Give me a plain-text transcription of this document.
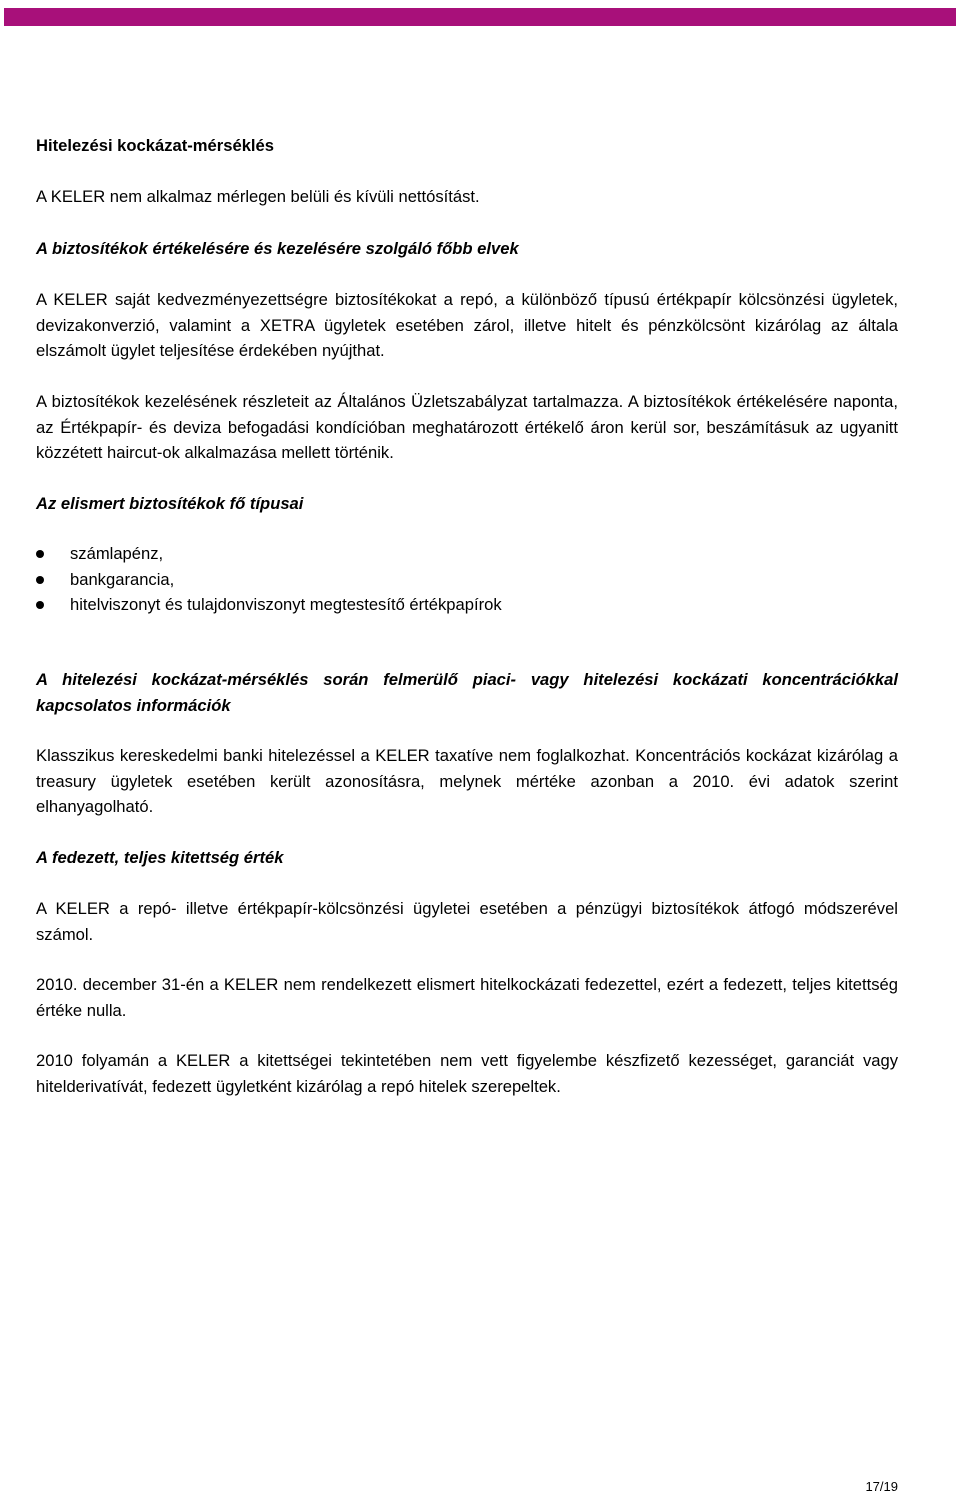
Hitelezési kockázat-mérséklés

A KELER nem alkalmaz mérlegen belüli és kívüli nettósítást.

A biztosítékok értékelésére és kezelésére szolgáló főbb elvek

A KELER saját kedvezményezettségre biztosítékokat a repó, a különböző típusú értékpapír kölcsönzési ügyletek, devizakonverzió, valamint a XETRA ügyletek esetében zárol, illetve hitelt és pénzkölcsönt kizárólag az általa elszámolt ügylet teljesítése érdekében nyújthat.

A biztosítékok kezelésének részleteit az Általános Üzletszabályzat tartalmazza. A biztosítékok értékelésére naponta, az Értékpapír- és deviza befogadási kondícióban meghatározott értékelő áron kerül sor, beszámításuk az ugyanitt közzétett haircut-ok alkalmazása mellett történik.

Az elismert biztosítékok fő típusai

számlapénz,
bankgarancia,
hitelviszonyt és tulajdonviszonyt megtestesítő értékpapírok

A hitelezési kockázat-mérséklés során felmerülő piaci- vagy hitelezési kockázati koncentrációkkal kapcsolatos információk

Klasszikus kereskedelmi banki hitelezéssel a KELER taxatíve nem foglalkozhat. Koncentrációs kockázat kizárólag a treasury ügyletek esetében került azonosításra, melynek mértéke azonban a 2010. évi adatok szerint elhanyagolható.

A fedezett, teljes kitettség érték

A KELER a repó- illetve értékpapír-kölcsönzési ügyletei esetében a pénzügyi biztosítékok átfogó módszerével számol.

2010. december 31-én a KELER nem rendelkezett elismert hitelkockázati fedezettel, ezért a fedezett, teljes kitettség értéke nulla.

2010 folyamán a KELER a kitettségei tekintetében nem vett figyelembe készfizető kezességet, garanciát vagy hitelderivatívát, fedezett ügyletként kizárólag a repó hitelek szerepeltek.

17/19
